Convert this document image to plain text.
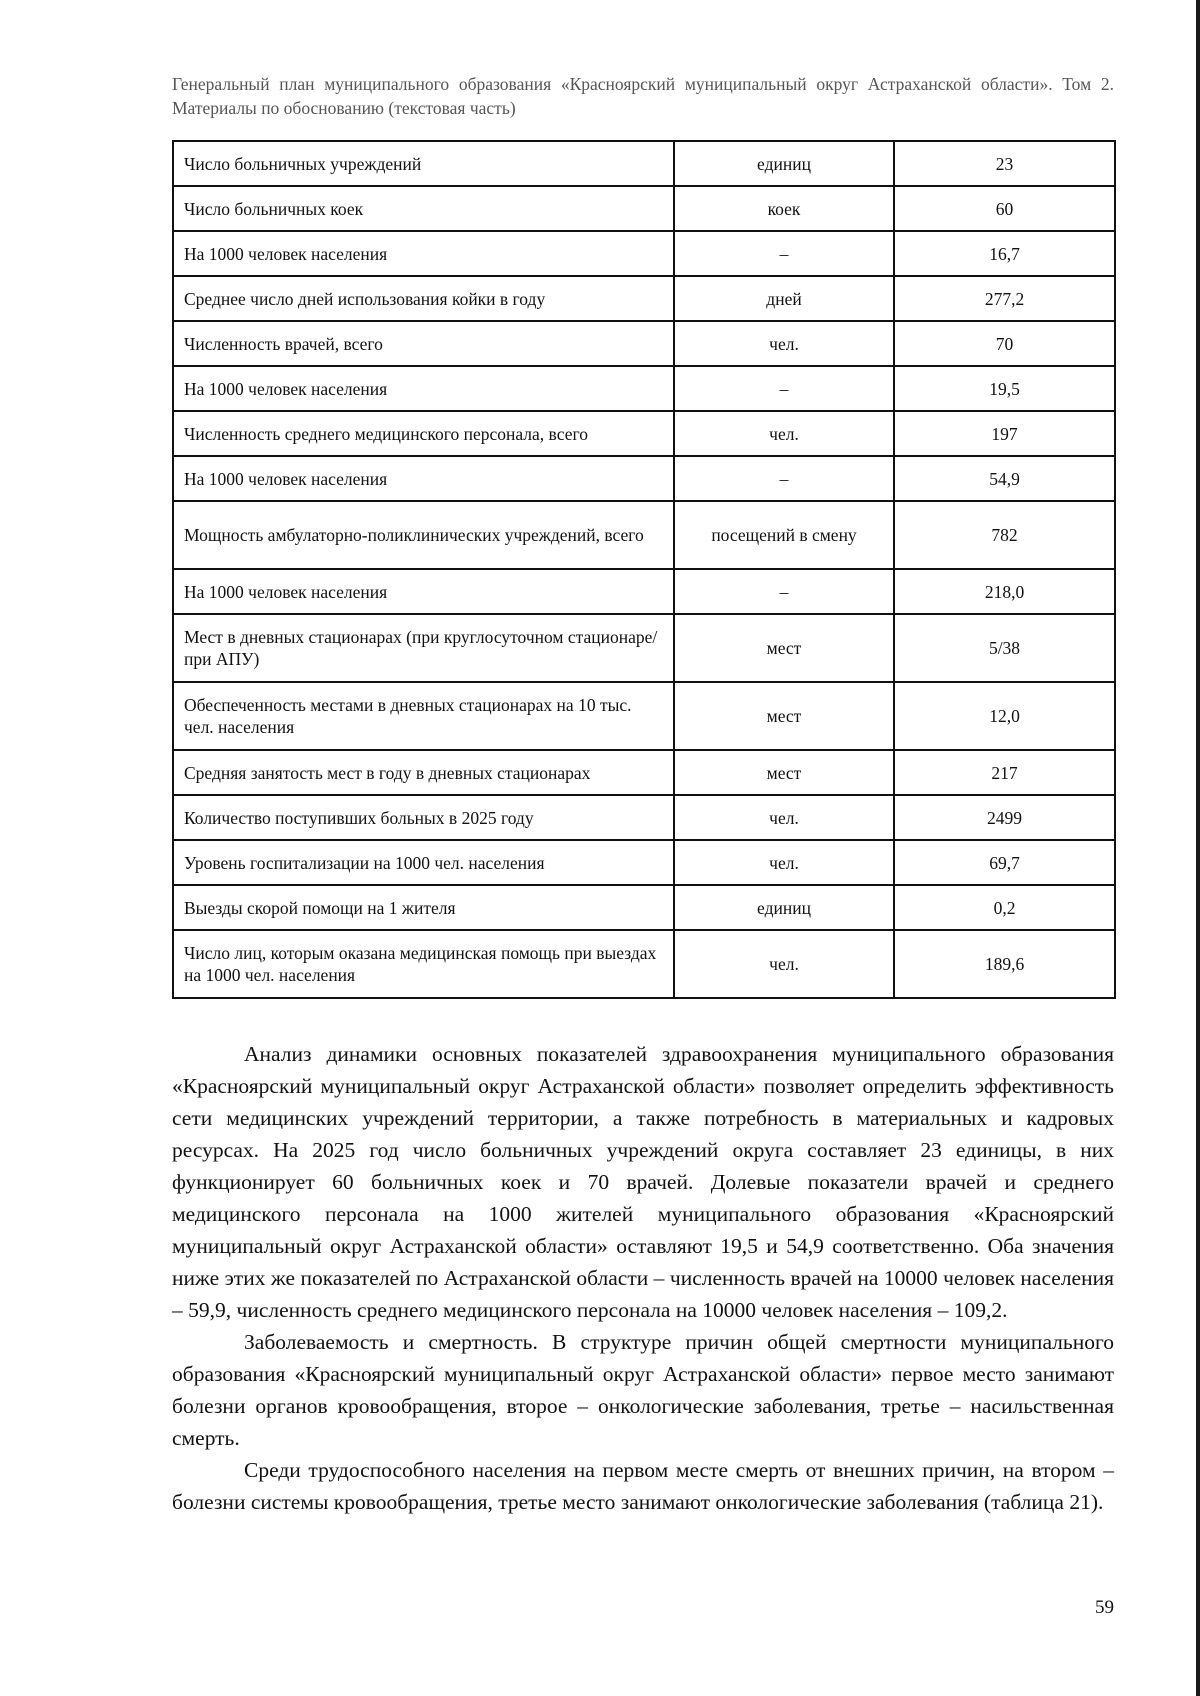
Генеральный план муниципального образования «Красноярский муниципальный округ Астраханской области». Том 2. Материалы по обоснованию (текстовая часть)
Число больничных учреждений	единиц	23
Число больничных коек	коек	60
На 1000 человек населения	–	16,7
Среднее число дней использования койки в году	дней	277,2
Численность врачей, всего	чел.	70
На 1000 человек населения	–	19,5
Численность среднего медицинского персонала, всего	чел.	197
На 1000 человек населения	–	54,9
Мощность амбулаторно-поликлинических учреждений, всего	посещений в смену	782
На 1000 человек населения	–	218,0
Мест в дневных стационарах (при круглосуточном стационаре/при АПУ)	мест	5/38
Обеспеченность местами в дневных стационарах на 10 тыс. чел. населения	мест	12,0
Средняя занятость мест в году в дневных стационарах	мест	217
Количество поступивших больных в 2025 году	чел.	2499
Уровень госпитализации на 1000 чел. населения	чел.	69,7
Выезды скорой помощи на 1 жителя	единиц	0,2
Число лиц, которым оказана медицинская помощь при выездах на 1000 чел. населения	чел.	189,6

Анализ динамики основных показателей здравоохранения муниципального образования «Красноярский муниципальный округ Астраханской области» позволяет определить эффективность сети медицинских учреждений территории, а также потребность в материальных и кадровых ресурсах. На 2025 год число больничных учреждений округа составляет 23 единицы, в них функционирует 60 больничных коек и 70 врачей. Долевые показатели врачей и среднего медицинского персонала на 1000 жителей муниципального образования «Красноярский муниципальный округ Астраханской области» оставляют 19,5 и 54,9 соответственно. Оба значения ниже этих же показателей по Астраханской области – численность врачей на 10000 человек населения – 59,9, численность среднего медицинского персонала на 10000 человек населения – 109,2.

Заболеваемость и смертность. В структуре причин общей смертности муниципального образования «Красноярский муниципальный округ Астраханской области» первое место занимают болезни органов кровообращения, второе – онкологические заболевания, третье – насильственная смерть.

Среди трудоспособного населения на первом месте смерть от внешних причин, на втором – болезни системы кровообращения, третье место занимают онкологические заболевания (таблица 21).

59
